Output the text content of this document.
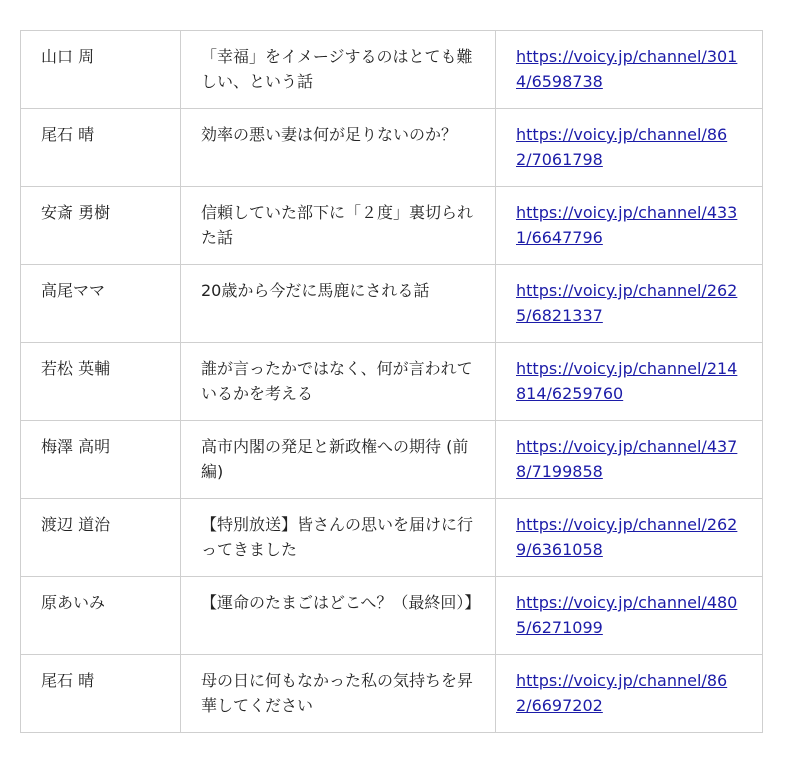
山口 周	「幸福」をイメージするのはとても難しい、という話	https://voicy.jp/channel/3014/6598738
尾石 晴	効率の悪い妻は何が足りないのか？	https://voicy.jp/channel/862/7061798
安斎 勇樹	信頼していた部下に「２度」裏切られた話	https://voicy.jp/channel/4331/6647796
高尾ママ	20歳から今だに馬鹿にされる話	https://voicy.jp/channel/2625/6821337
若松 英輔	誰が言ったかではなく、何が言われているかを考える	https://voicy.jp/channel/214814/6259760
梅澤 高明	高市内閣の発足と新政権への期待 (前編)	https://voicy.jp/channel/4378/7199858
渡辺 道治	【特別放送】皆さんの思いを届けに行ってきました	https://voicy.jp/channel/2629/6361058
原あいみ	【運命のたまごはどこへ？（最終回）】	https://voicy.jp/channel/4805/6271099
尾石 晴	母の日に何もなかった私の気持ちを昇華してください	https://voicy.jp/channel/862/6697202
